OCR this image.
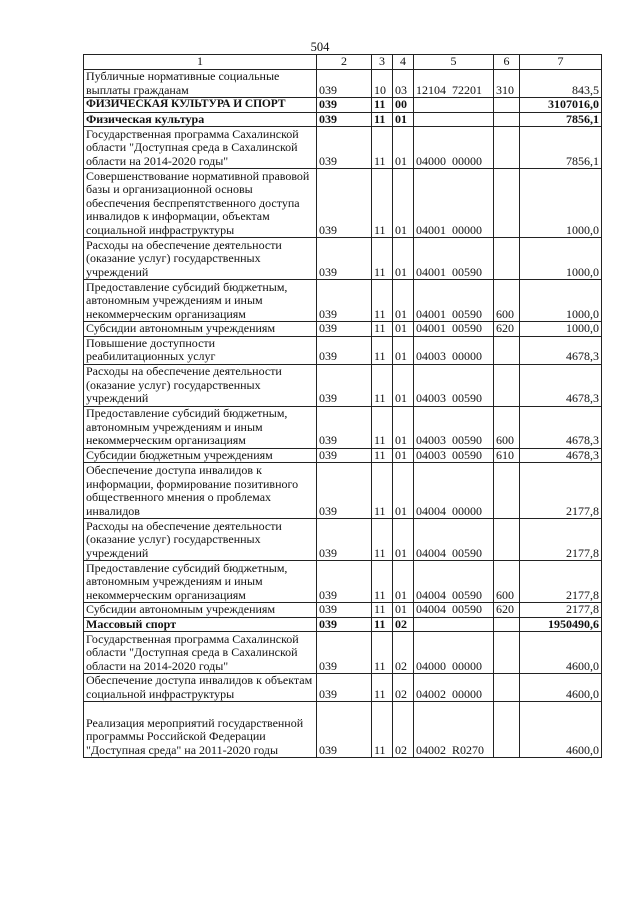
504
1	2	3	4	5	6	7
Публичные нормативные социальные выплаты гражданам	039	10	03	12104  72201	310	843,5
ФИЗИЧЕСКАЯ КУЛЬТУРА И СПОРТ	039	11	00			3107016,0
Физическая культура	039	11	01			7856,1
Государственная программа Сахалинской области "Доступная среда в Сахалинской области на 2014-2020 годы"	039	11	01	04000  00000		7856,1
Совершенствование нормативной правовой базы и организационной основы обеспечения беспрепятственного доступа инвалидов к информации, объектам социальной инфраструктуры	039	11	01	04001  00000		1000,0
Расходы на обеспечение деятельности (оказание услуг) государственных учреждений	039	11	01	04001  00590		1000,0
Предоставление субсидий бюджетным, автономным учреждениям и иным некоммерческим организациям	039	11	01	04001  00590	600	1000,0
Субсидии автономным учреждениям	039	11	01	04001  00590	620	1000,0
Повышение доступности реабилитационных услуг	039	11	01	04003  00000		4678,3
Расходы на обеспечение деятельности (оказание услуг) государственных учреждений	039	11	01	04003  00590		4678,3
Предоставление субсидий бюджетным, автономным учреждениям и иным некоммерческим организациям	039	11	01	04003  00590	600	4678,3
Субсидии бюджетным учреждениям	039	11	01	04003  00590	610	4678,3
Обеспечение доступа инвалидов к информации, формирование позитивного общественного мнения о проблемах инвалидов	039	11	01	04004  00000		2177,8
Расходы на обеспечение деятельности (оказание услуг) государственных учреждений	039	11	01	04004  00590		2177,8
Предоставление субсидий бюджетным, автономным учреждениям и иным некоммерческим организациям	039	11	01	04004  00590	600	2177,8
Субсидии автономным учреждениям	039	11	01	04004  00590	620	2177,8
Массовый спорт	039	11	02			1950490,6
Государственная программа Сахалинской области "Доступная среда в Сахалинской области на 2014-2020 годы"	039	11	02	04000  00000		4600,0
Обеспечение доступа инвалидов к объектам социальной инфраструктуры	039	11	02	04002  00000		4600,0
Реализация мероприятий государственной программы Российской Федерации "Доступная среда" на 2011-2020 годы	039	11	02	04002  R0270		4600,0
